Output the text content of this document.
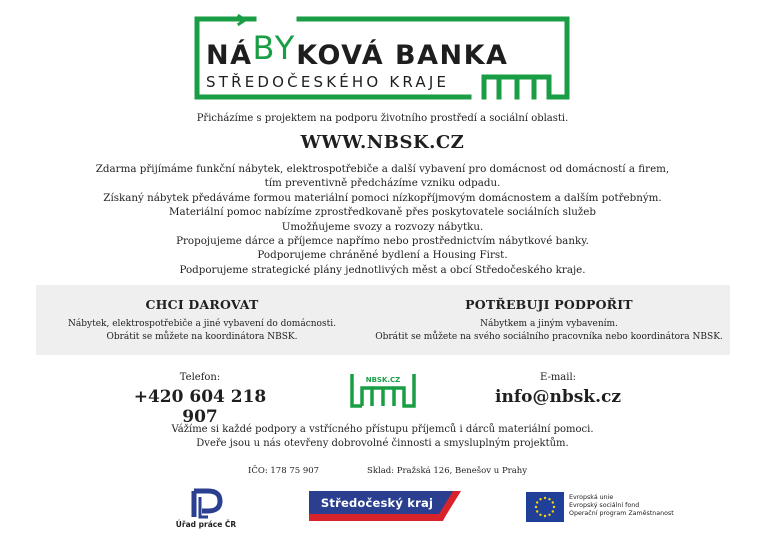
NÁBYKOVÁ BANKA
STŘEDOČESKÉHO KRAJE
Přicházíme s projektem na podporu životního prostředí a sociální oblasti.
WWW.NBSK.CZ
Zdarma přijímáme funkční nábytek, elektrospotřebiče a další vybavení pro domácnost od domácností a firem,
tím preventivně předcházíme vzniku odpadu.
Získaný nábytek předáváme formou materiální pomoci nízkopříjmovým domácnostem a dalším potřebným.
Materiální pomoc nabízíme zprostředkovaně přes poskytovatele sociálních služeb
Umožňujeme svozy a rozvozy nábytku.
Propojujeme dárce a příjemce napřímo nebo prostřednictvím nábytkové banky.
Podporujeme chráněné bydlení a Housing First.
Podporujeme strategické plány jednotlivých měst a obcí Středočeského kraje.
CHCI DAROVAT

Nábytek, elektrospotřebiče a jiné vybavení do domácnosti.

Obrátit se můžete na koordinátora NBSK.

POTŘEBUJI PODPOŘIT

Nábytkem a jiným vybavením.

Obrátit se můžete na svého sociálního pracovníka nebo koordinátora NBSK.

Telefon:
+420 604 218 907
NBSK.CZ	E-mail:
info@nbsk.cz
Vážíme si každé podpory a vstřícného přístupu příjemců i dárců materiální pomoci.
Dveře jsou u nás otevřeny dobrovolné činnosti a smysluplným projektům.
IČO: 178 75 907	Sklad: Pražská 126, Benešov u Prahy
Úřad práce ČR
Středočeský kraj	Evropská unie
Evropský sociální fond
Operační program Zaměstnanost
